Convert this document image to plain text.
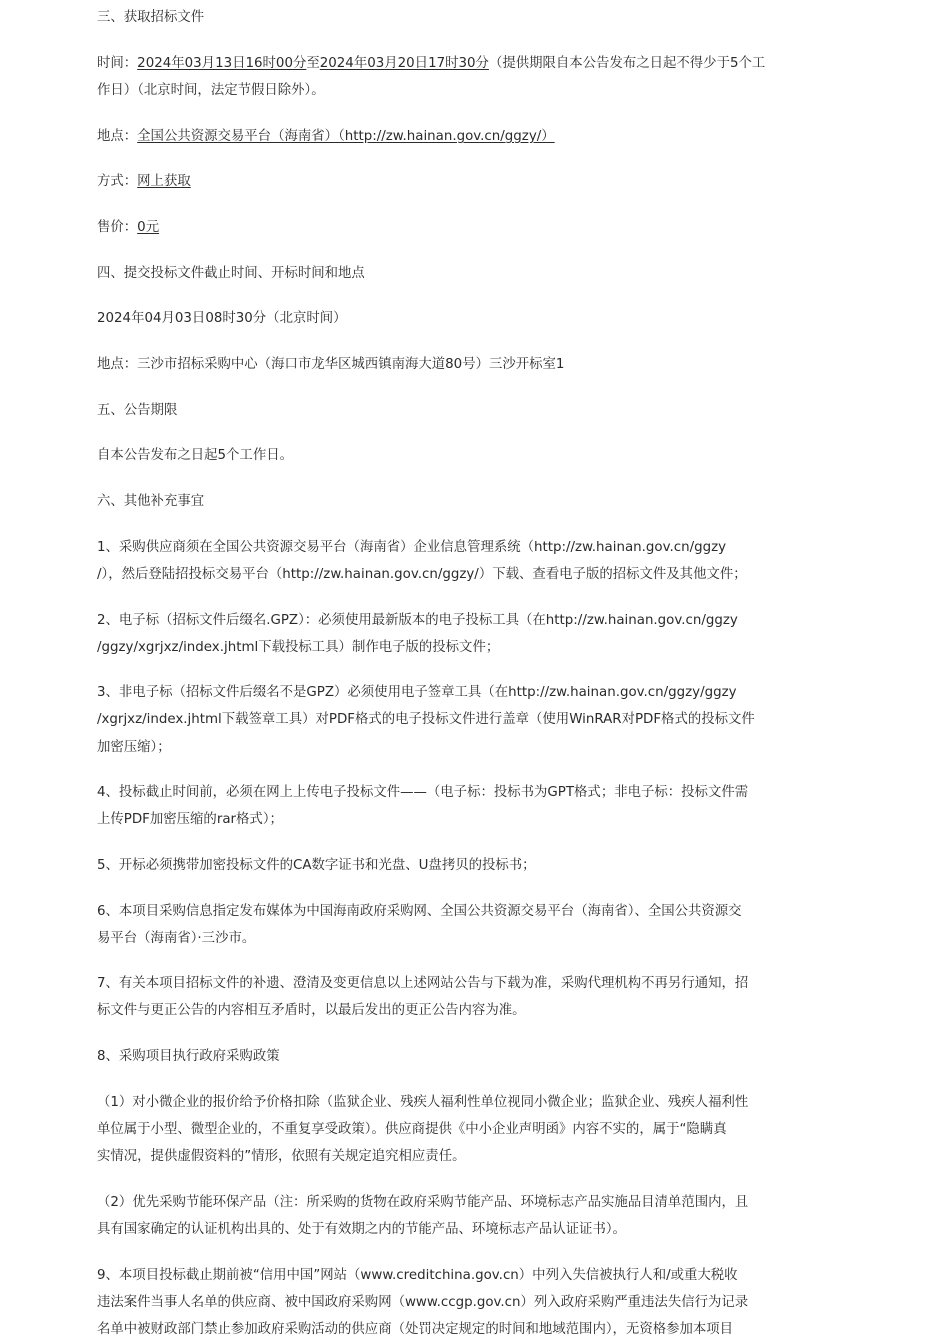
三、获取招标文件

时间：2024年03月13日16时00分至2024年03月20日17时30分（提供期限自本公告发布之日起不得少于5个工

作日）（北京时间，法定节假日除外）。

地点：全国公共资源交易平台（海南省）（http://zw.hainan.gov.cn/ggzy/）

方式：网上获取

售价：0元

四、提交投标文件截止时间、开标时间和地点

2024年04月03日08时30分（北京时间）

地点：三沙市招标采购中心（海口市龙华区城西镇南海大道80号）三沙开标室1

五、公告期限

自本公告发布之日起5个工作日。

六、其他补充事宜

1、采购供应商须在全国公共资源交易平台（海南省）企业信息管理系统（http://zw.hainan.gov.cn/ggzy

/），然后登陆招投标交易平台（http://zw.hainan.gov.cn/ggzy/）下载、查看电子版的招标文件及其他文件；

2、电子标（招标文件后缀名.GPZ）：必须使用最新版本的电子投标工具（在http://zw.hainan.gov.cn/ggzy

/ggzy/xgrjxz/index.jhtml下载投标工具）制作电子版的投标文件；

3、非电子标（招标文件后缀名不是GPZ）必须使用电子签章工具（在http://zw.hainan.gov.cn/ggzy/ggzy

/xgrjxz/index.jhtml下载签章工具）对PDF格式的电子投标文件进行盖章（使用WinRAR对PDF格式的投标文件

加密压缩）；

4、投标截止时间前，必须在网上上传电子投标文件——（电子标：投标书为GPT格式；非电子标：投标文件需

上传PDF加密压缩的rar格式）；

5、开标必须携带加密投标文件的CA数字证书和光盘、U盘拷贝的投标书；

6、本项目采购信息指定发布媒体为中国海南政府采购网、全国公共资源交易平台（海南省）、全国公共资源交

易平台（海南省）·三沙市。

7、有关本项目招标文件的补遗、澄清及变更信息以上述网站公告与下载为准，采购代理机构不再另行通知，招

标文件与更正公告的内容相互矛盾时，以最后发出的更正公告内容为准。

8、采购项目执行政府采购政策

（1）对小微企业的报价给予价格扣除（监狱企业、残疾人福利性单位视同小微企业；监狱企业、残疾人福利性

单位属于小型、微型企业的，不重复享受政策）。供应商提供《中小企业声明函》内容不实的，属于“隐瞒真

实情况，提供虚假资料的”情形，依照有关规定追究相应责任。

（2）优先采购节能环保产品（注：所采购的货物在政府采购节能产品、环境标志产品实施品目清单范围内，且

具有国家确定的认证机构出具的、处于有效期之内的节能产品、环境标志产品认证证书）。

9、本项目投标截止期前被“信用中国”网站（www.creditchina.gov.cn）中列入失信被执行人和/或重大税收

违法案件当事人名单的供应商、被中国政府采购网（www.ccgp.gov.cn）列入政府采购严重违法失信行为记录

名单中被财政部门禁止参加政府采购活动的供应商（处罚决定规定的时间和地域范围内），无资格参加本项目
